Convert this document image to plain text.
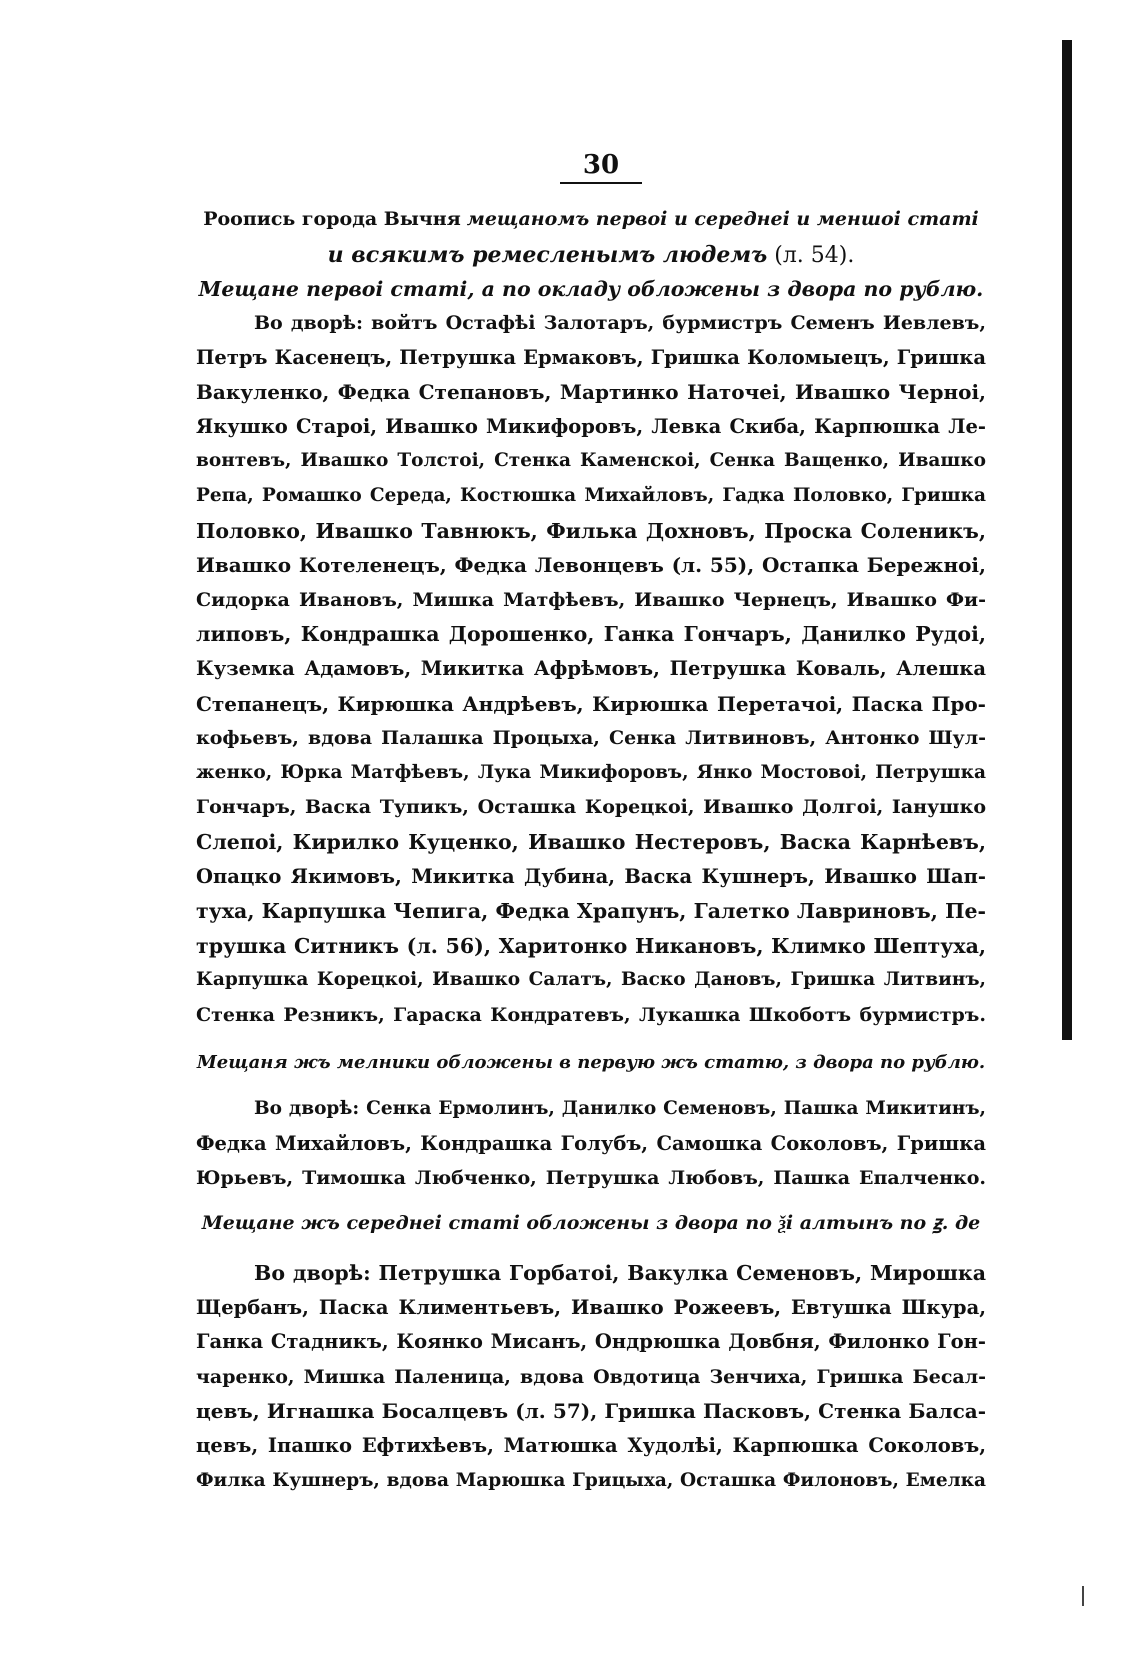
30
Роопись города Вычня мещаномъ первоі и середнеі и меншоі статі
и всякимъ ремесленымъ людемъ (л. 54).
Мещане первоі статі, а по окладу обложены з двора по рублю.
Во дворѣ: войтъ Остафѣі Залотаръ, бурмистръ Семенъ Иевлевъ,
Петръ Касенецъ, Петрушка Ермаковъ, Гришка Коломыецъ, Гришка
Вакуленко, Федка Степановъ, Мартинко Наточеі, Ивашко Черноі,
Якушко Староі, Ивашко Микифоровъ, Левка Скиба, Карпюшка Ле-
вонтевъ, Ивашко Толстоі, Стенка Каменскоі, Сенка Ващенко, Ивашко
Репа, Ромашко Середа, Костюшка Михайловъ, Гадка Половко, Гришка
Половко, Ивашко Тавнюкъ, Филька Дохновъ, Проска Соленикъ,
Ивашко Котеленецъ, Федка Левонцевъ (л. 55), Остапка Бережноі,
Сидорка Ивановъ, Мишка Матфѣевъ, Ивашко Чернецъ, Ивашко Фи-
липовъ, Кондрашка Дорошенко, Ганка Гончаръ, Данилко Рудоі,
Куземка Адамовъ, Микитка Афрѣмовъ, Петрушка Коваль, Алешка
Степанецъ, Кирюшка Андрѣевъ, Кирюшка Перетачоі, Паска Про-
кофьевъ, вдова Палашка Процыха, Сенка Литвиновъ, Антонко Шул-
женко, Юрка Матфѣевъ, Лука Микифоровъ, Янко Мостовоі, Петрушка
Гончаръ, Васка Тупикъ, Осташка Корецкоі, Ивашко Долгоі, Іанушко
Слепоі, Кирилко Куценко, Ивашко Нестеровъ, Васка Карнѣевъ,
Опацко Якимовъ, Микитка Дубина, Васка Кушнеръ, Ивашко Шап-
туха, Карпушка Чепига, Федка Храпунъ, Галетко Лавриновъ, Пе-
трушка Ситникъ (л. 56), Харитонко Никановъ, Климко Шептуха,
Карпушка Корецкоі, Ивашко Салатъ, Васко Дановъ, Гришка Литвинъ,
Стенка Резникъ, Гараска Кондратевъ, Лукашка Шкоботъ бурмистръ.
Мещаня жъ мелники обложены в первую жъ статю, з двора по рублю.
Во дворѣ: Сенка Ермолинъ, Данилко Семеновъ, Пашка Микитинъ,
Федка Михайловъ, Кондрашка Голубъ, Самошка Соколовъ, Гришка
Юрьевъ, Тимошка Любченко, Петрушка Любовъ, Пашка Епалченко.
Мещане жъ середнеі статі обложены з двора по ѯі алтынъ по ꙃ. де
Во дворѣ: Петрушка Горбатоі, Вакулка Семеновъ, Мирошка
Щербанъ, Паска Климентьевъ, Ивашко Рожеевъ, Евтушка Шкура,
Ганка Стадникъ, Коянко Мисанъ, Ондрюшка Довбня, Филонко Гон-
чаренко, Мишка Паленица, вдова Овдотица Зенчиха, Гришка Бесал-
цевъ, Игнашка Босалцевъ (л. 57), Гришка Пасковъ, Стенка Балса-
цевъ, Іпашко Ефтихѣевъ, Матюшка Худолѣі, Карпюшка Соколовъ,
Филка Кушнеръ, вдова Марюшка Грицыха, Осташка Филоновъ, Емелка
